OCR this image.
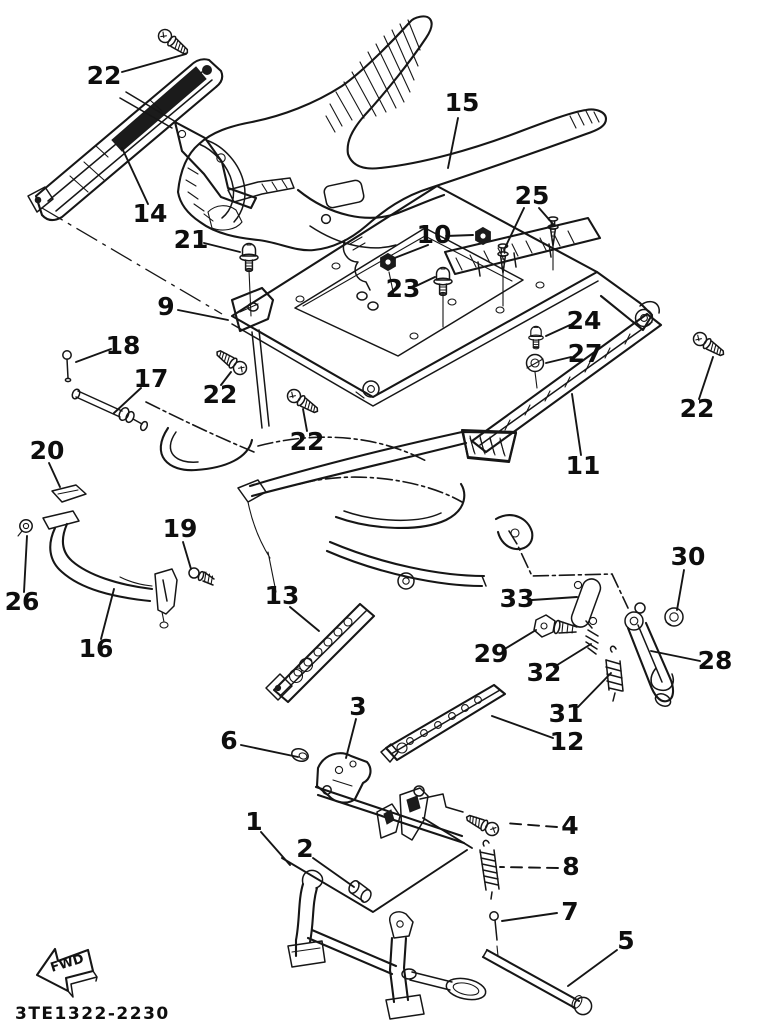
FWD
3TE1322-2230
22
14
15
25
21	10
23
9	24
27
18
17
22
22
22
11
20
26
16
19
13	33
30
29
32	28
31
12
3
6
1
2
4
8
7
5
